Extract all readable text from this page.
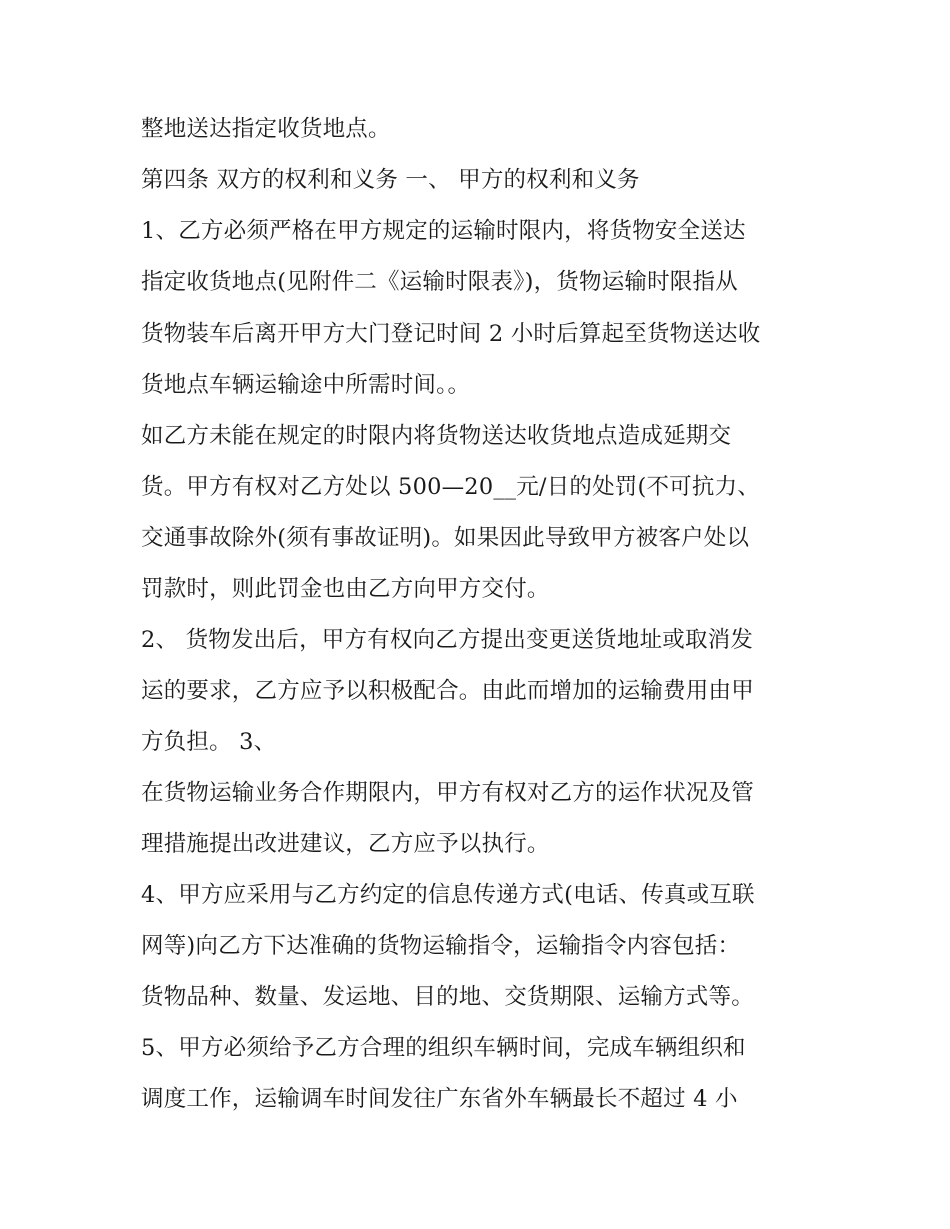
整地送达指定收货地点。
第四条 双方的权利和义务 一、 甲方的权利和义务
1、乙方必须严格在甲方规定的运输时限内，将货物安全送达
指定收货地点(见附件二《运输时限表》)，货物运输时限指从
货物装车后离开甲方大门登记时间 2 小时后算起至货物送达收
货地点车辆运输途中所需时间。。
如乙方未能在规定的时限内将货物送达收货地点造成延期交
货。甲方有权对乙方处以 500—20__元/日的处罚(不可抗力、
交通事故除外(须有事故证明)。如果因此导致甲方被客户处以
罚款时，则此罚金也由乙方向甲方交付。
2、 货物发出后，甲方有权向乙方提出变更送货地址或取消发
运的要求，乙方应予以积极配合。由此而增加的运输费用由甲
方负担。 3、
在货物运输业务合作期限内，甲方有权对乙方的运作状况及管
理措施提出改进建议，乙方应予以执行。
4、甲方应采用与乙方约定的信息传递方式(电话、传真或互联
网等)向乙方下达准确的货物运输指令，运输指令内容包括：
货物品种、数量、发运地、目的地、交货期限、运输方式等。
5、甲方必须给予乙方合理的组织车辆时间，完成车辆组织和
调度工作，运输调车时间发往广东省外车辆最长不超过 4 小
